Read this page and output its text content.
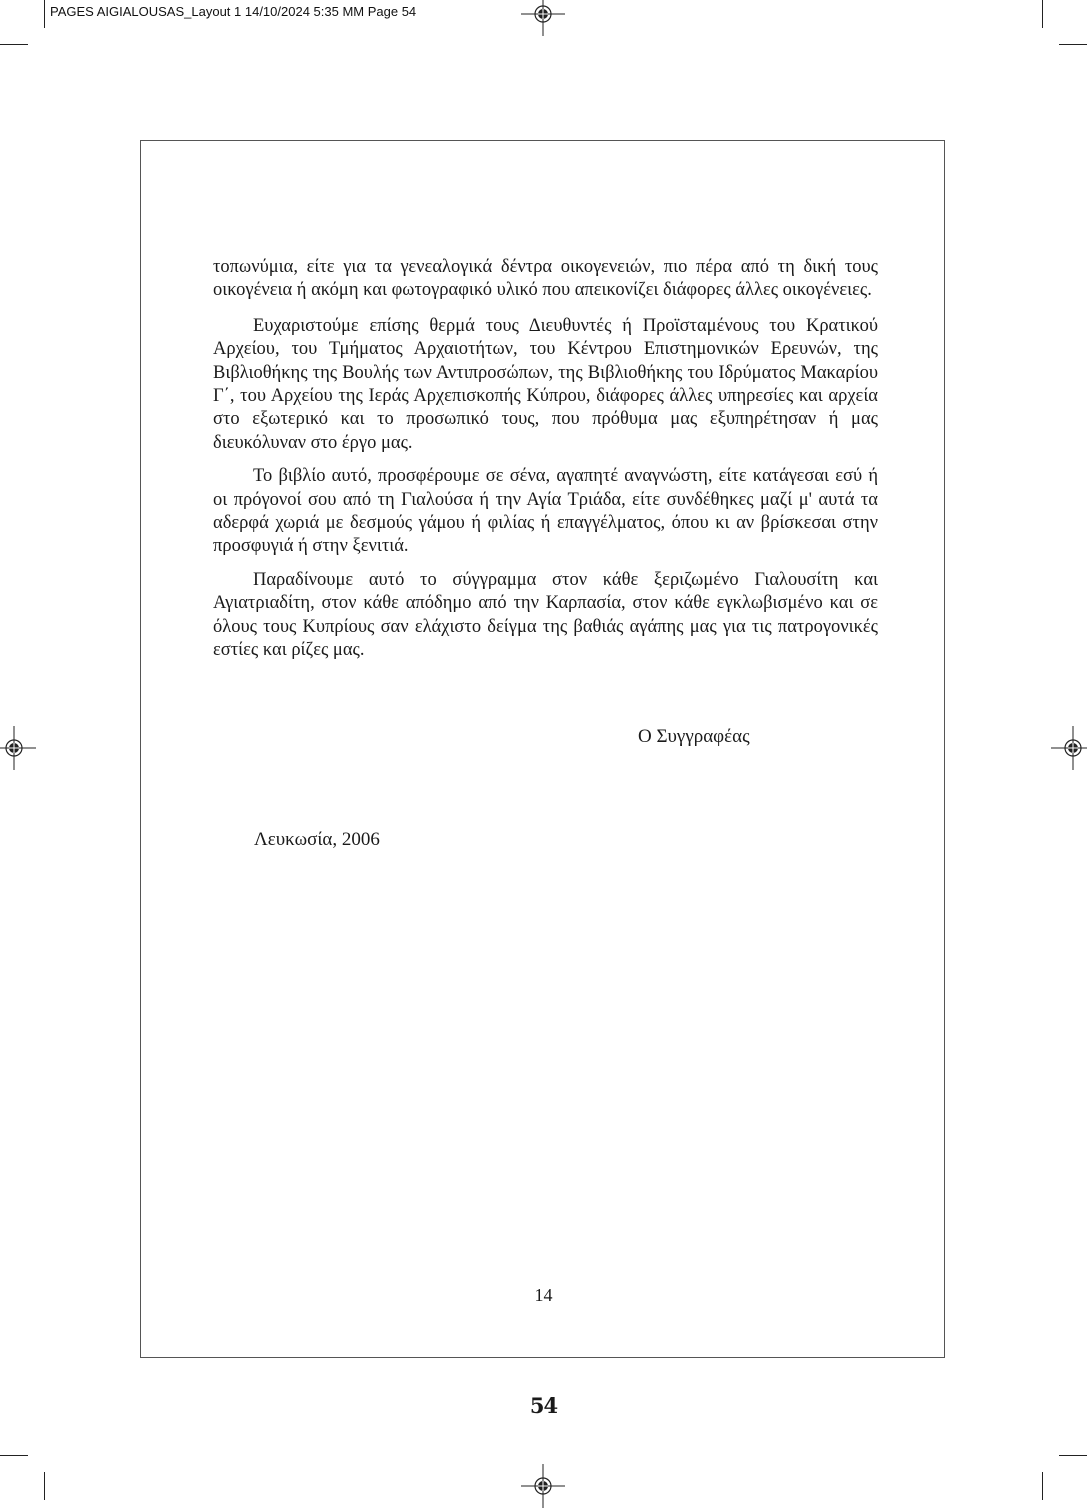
PAGES AIGIALOUSAS_Layout 1 14/10/2024 5:35 MM Page 54

τοπωνύμια, είτε για τα γενεαλογικά δέντρα οικογενειών, πιο πέρα από τη δική τους οικογένεια ή ακόμη και φωτογραφικό υλικό που απεικονίζει διάφορες άλλες οικογένειες.

Ευχαριστούμε επίσης θερμά τους Διευθυντές ή Προϊσταμένους του Κρατικού Αρχείου, του Τμήματος Αρχαιοτήτων, του Κέντρου Επιστημονικών Ερευνών, της Βιβλιοθήκης της Βουλής των Αντιπροσώπων, της Βιβλιοθήκης του Ιδρύματος Μακαρίου Γ΄, του Αρχείου της Ιεράς Αρχεπισκοπής Κύπρου, διάφορες άλλες υπηρεσίες και αρχεία στο εξωτερικό και το προσωπικό τους, που πρόθυμα μας εξυπηρέτησαν ή μας διευκόλυναν στο έργο μας.

Το βιβλίο αυτό, προσφέρουμε σε σένα, αγαπητέ αναγνώστη, είτε κατάγεσαι εσύ ή οι πρόγονοί σου από τη Γιαλούσα ή την Αγία Τριάδα, είτε συνδέθηκες μαζί μ' αυτά τα αδερφά χωριά με δεσμούς γάμου ή φιλίας ή επαγγέλματος, όπου κι αν βρίσκεσαι στην προσφυγιά ή στην ξενιτιά.

Παραδίνουμε αυτό το σύγγραμμα στον κάθε ξεριζωμένο Γιαλουσίτη και Αγιατριαδίτη, στον κάθε απόδημο από την Καρπασία, στον κάθε εγκλωβισμένο και σε όλους τους Κυπρίους σαν ελάχιστο δείγμα της βαθιάς αγάπης μας για τις πατρογονικές εστίες και ρίζες μας.

Ο Συγγραφέας
Λευκωσία, 2006
14
54
